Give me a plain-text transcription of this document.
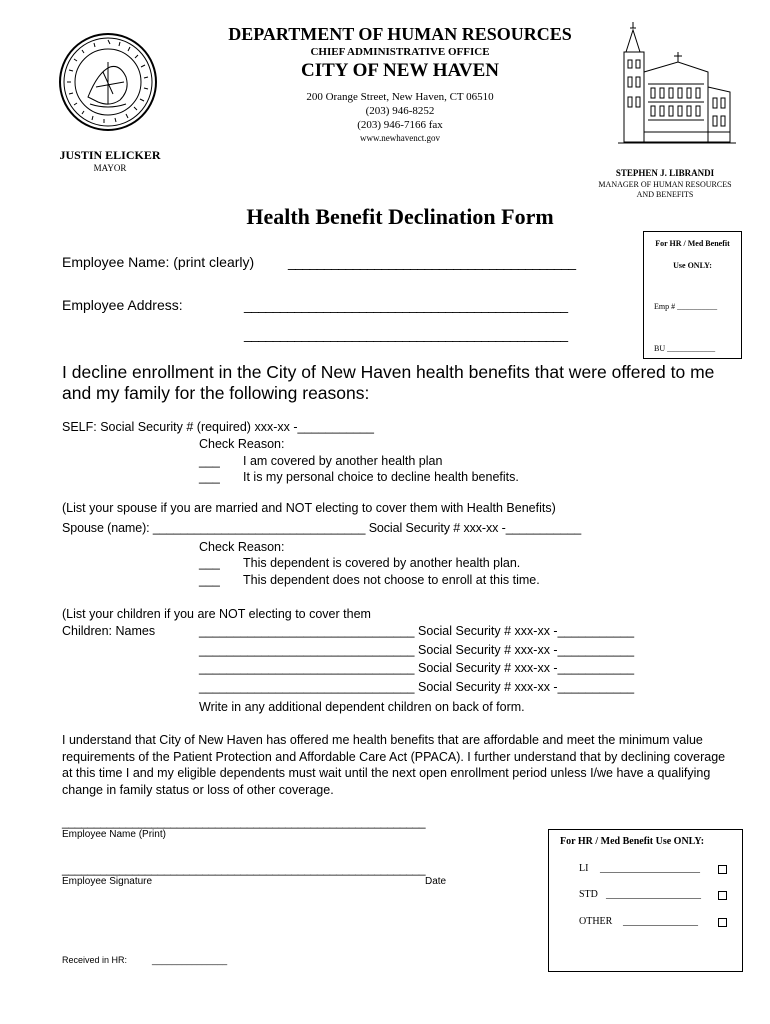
DEPARTMENT OF HUMAN RESOURCES
CHIEF ADMINISTRATIVE OFFICE
CITY OF NEW HAVEN
200 Orange Street, New Haven, CT 06510
(203) 946-8252
(203) 946-7166 fax
www.newhavenct.gov
JUSTIN ELICKER
MAYOR	STEPHEN J. LIBRANDI
MANAGER OF HUMAN RESOURCES
AND BENEFITS
Health Benefit Declination Form
Employee Name: (print clearly) ________________________________________
Employee Address:	_____________________________________________
_____________________________________________
For HR / Med Benefit
Use ONLY:
Emp # __________
BU ____________
I decline enrollment in the City of New Haven health benefits that were offered to me and my family for the following reasons:
SELF: Social Security # (required) xxx-xx -___________
Check Reason:
___ I am covered by another health plan
___ It is my personal choice to decline health benefits.
(List your spouse if you are married and NOT electing to cover them with Health Benefits)
Spouse (name): _______________________________ Social Security # xxx-xx -___________
Check Reason:
___ This dependent is covered by another health plan.
___ This dependent does not choose to enroll at this time.
(List your children if you are NOT electing to cover them
Children: Names	_______________________________ Social Security # xxx-xx -___________
_______________________________ Social Security # xxx-xx -___________
_______________________________ Social Security # xxx-xx -___________
_______________________________ Social Security # xxx-xx -___________
Write in any additional dependent children on back of form.
I understand that City of New Haven has offered me health benefits that are affordable and meet the minimum value requirements of the Patient Protection and Affordable Care Act (PPACA). I further understand that by declining coverage at this time I and my eligible dependents must wait until the next open enrollment period unless I/we have a qualifying change in family status or loss of other coverage.
_________________________________________________________
Employee Name (Print)
_________________________________________________________
Employee Signature	Date
Received in HR:	_______________
For HR / Med Benefit Use ONLY:
LI ____________________
STD ___________________
OTHER _______________
